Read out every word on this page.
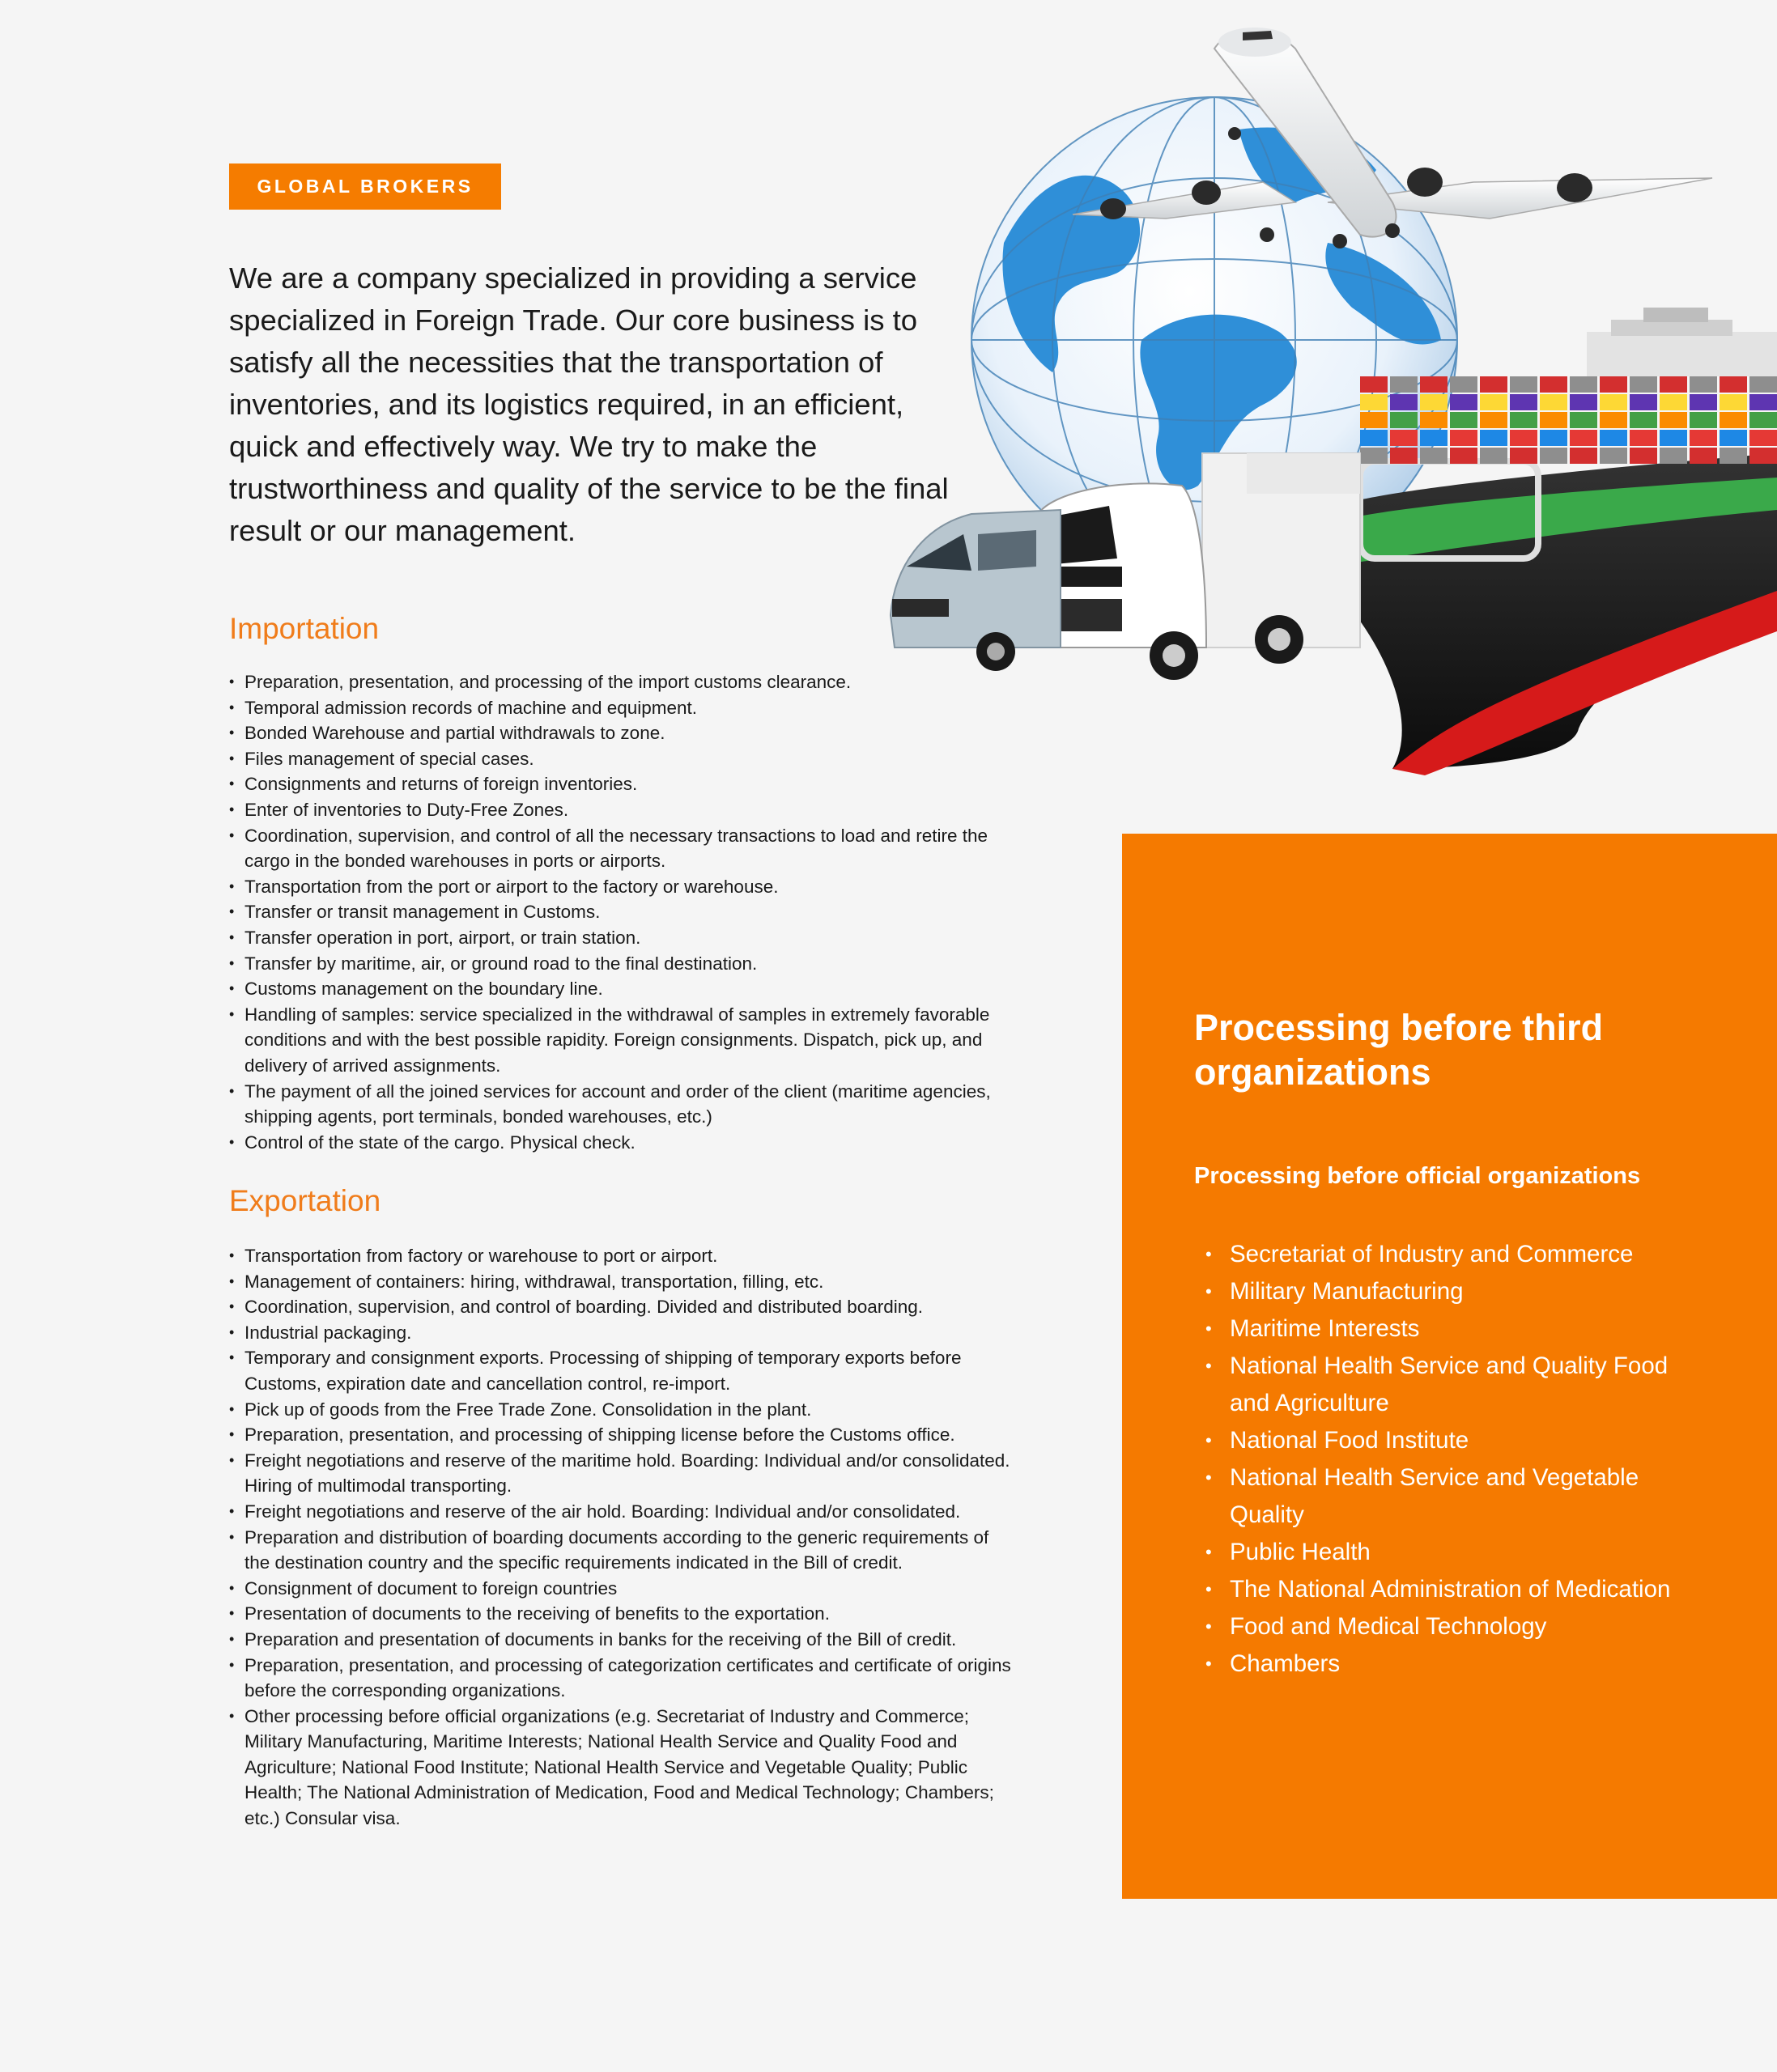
GLOBAL BROKERS

We are a company specialized in providing a service specialized in Foreign Trade. Our core business is to satisfy all the necessities that the transportation of inventories, and its logistics required, in an efficient, quick and effectively way. We try to make the trustworthiness and quality of the service to be the final result or our management.

Importation
• Preparation, presentation, and processing of the import customs clearance.
• Temporal admission records of machine and equipment.
• Bonded Warehouse and partial withdrawals to zone.
• Files management of special cases.
• Consignments and returns of foreign inventories.
• Enter of inventories to Duty-Free Zones.
• Coordination, supervision, and control of all the necessary transactions to load and retire the cargo in the bonded warehouses in ports or airports.
• Transportation from the port or airport to the factory or warehouse.
• Transfer or transit management in Customs.
• Transfer operation in port, airport, or train station.
• Transfer by maritime, air, or ground road to the final destination.
• Customs management on the boundary line.
• Handling of samples: service specialized in the withdrawal of samples in extremely favorable conditions and with the best possible rapidity. Foreign consignments. Dispatch, pick up, and delivery of arrived assignments.
• The payment of all the joined services for account and order of the client (maritime agencies, shipping agents, port terminals, bonded warehouses, etc.)
• Control of the state of the cargo. Physical check.
Exportation
• Transportation from factory or warehouse to port or airport.
• Management of containers: hiring, withdrawal, transportation, filling, etc.
• Coordination, supervision, and control of boarding. Divided and distributed boarding.
• Industrial packaging.
• Temporary and consignment exports. Processing of shipping of temporary exports before Customs, expiration date and cancellation control, re-import.
• Pick up of goods from the Free Trade Zone. Consolidation in the plant.
• Preparation, presentation, and processing of shipping license before the Customs office.
• Freight negotiations and reserve of the maritime hold. Boarding: Individual and/or consolidated. Hiring of multimodal transporting.
• Freight negotiations and reserve of the air hold. Boarding: Individual and/or consolidated.
• Preparation and distribution of boarding documents according to the generic requirements of the destination country and the specific requirements indicated in the Bill of credit.
• Consignment of document to foreign countries
• Presentation of documents to the receiving of benefits to the exportation.
• Preparation and presentation of documents in banks for the receiving of the Bill of credit.
• Preparation, presentation, and processing of categorization certificates and certificate of origins before the corresponding organizations.
• Other processing before official organizations (e.g. Secretariat of Industry and Commerce; Military Manufacturing, Maritime Interests; National Health Service and Quality Food and Agriculture; National Food Institute; National Health Service and Vegetable Quality; Public Health; The National Administration of Medication, Food and Medical Technology; Chambers; etc.) Consular visa.
Processing before third organizations

Processing before official organizations

• Secretariat of Industry and Commerce
• Military Manufacturing
• Maritime Interests
• National Health Service and Quality Food and Agriculture
• National Food Institute
• National Health Service and Vegetable Quality
• Public Health
• The National Administration of Medication
• Food and Medical Technology
• Chambers
